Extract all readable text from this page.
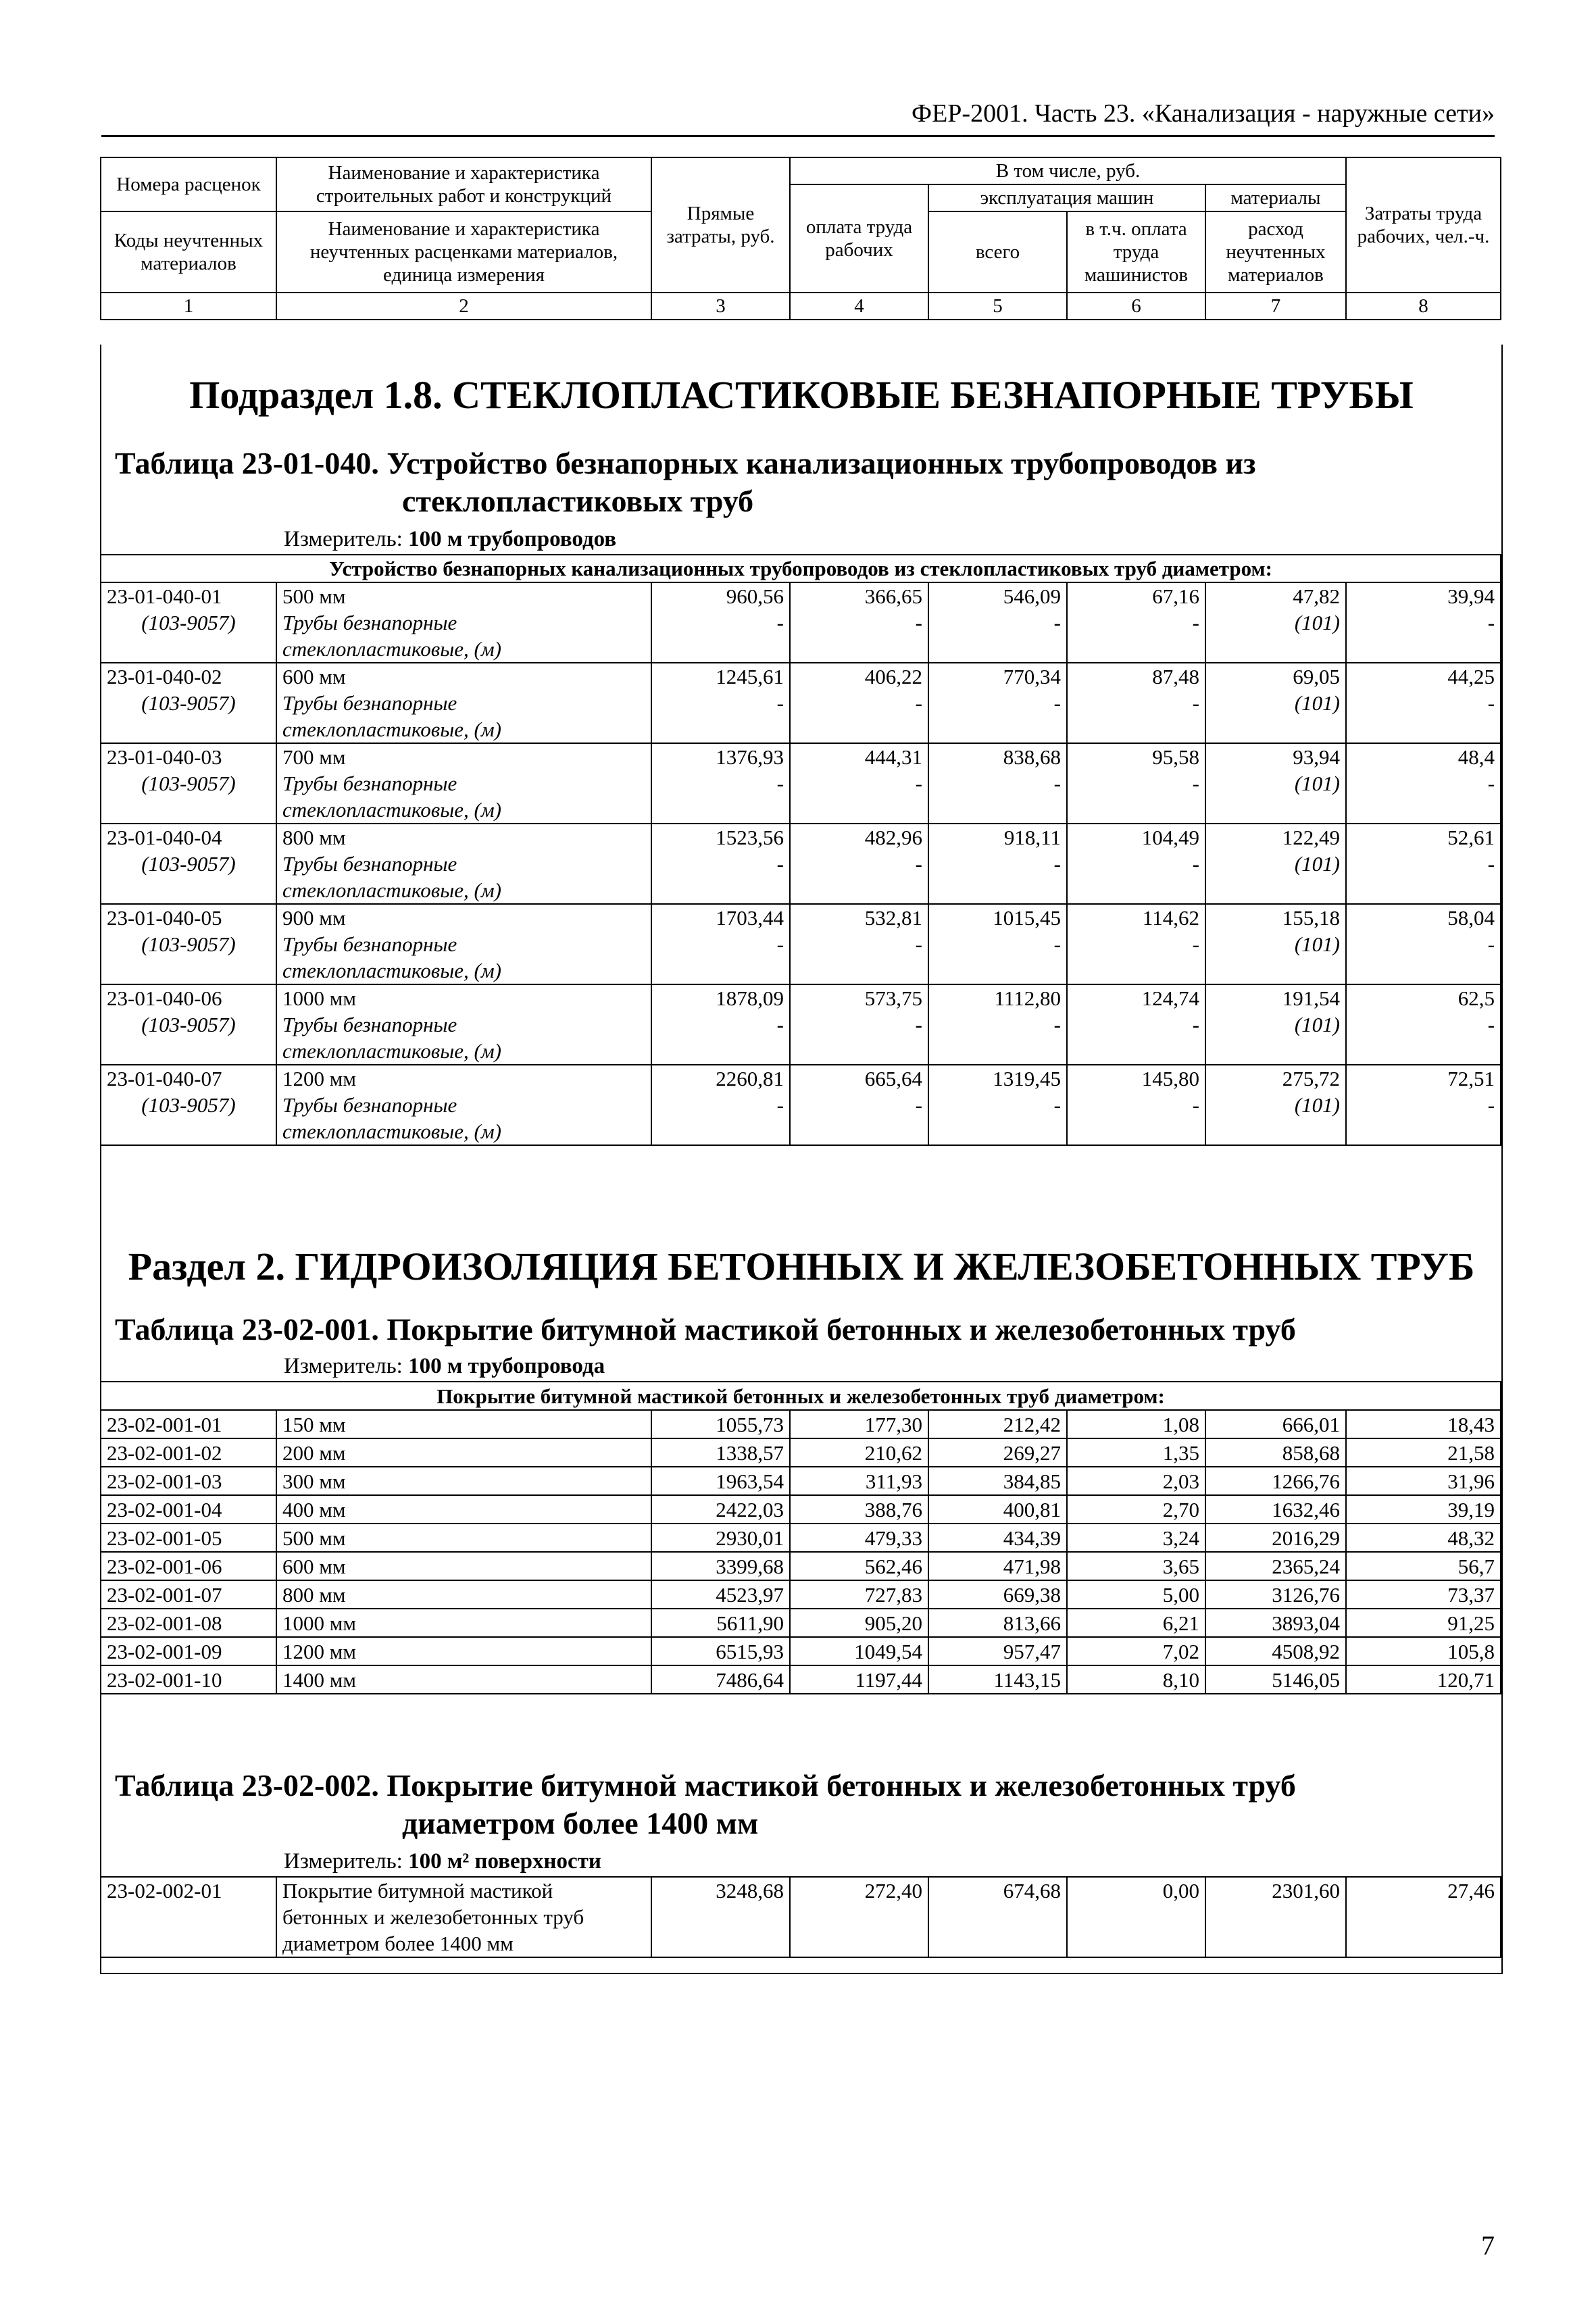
ФЕР-2001. Часть 23. «Канализация - наружные сети»
Номера расценок	Наименование и характеристика строительных работ и конструкций	Прямые затраты, руб.	В том числе, руб.				Затраты труда рабочих, чел.-ч.
			оплата труда рабочих	эксплуатация машин		материалы	
Коды неучтенных материалов	Наименование и характеристика неучтенных расценками материалов, единица измерения			всего	в т.ч. оплата труда машинистов	расход неучтенных материалов	

1	2	3	4	5	6	7	8
Подраздел 1.8. СТЕКЛОПЛАСТИКОВЫЕ БЕЗНАПОРНЫЕ ТРУБЫ
Таблица 23-01-040. Устройство безнапорных канализационных трубопроводов из
стеклопластиковых труб
Измеритель: 100 м трубопроводов
Устройство безнапорных канализационных трубопроводов из стеклопластиковых труб диаметром:							
23-01-040-01	500 мм	960,56	366,65	546,09	67,16	47,82	39,94
(103-9057)	Трубы безнапорные	-	-	-	-	(101)	-
	стеклопластиковые, (м)						
23-01-040-02	600 мм	1245,61	406,22	770,34	87,48	69,05	44,25
(103-9057)	Трубы безнапорные	-	-	-	-	(101)	-
	стеклопластиковые, (м)						
23-01-040-03	700 мм	1376,93	444,31	838,68	95,58	93,94	48,4
(103-9057)	Трубы безнапорные	-	-	-	-	(101)	-
	стеклопластиковые, (м)						
23-01-040-04	800 мм	1523,56	482,96	918,11	104,49	122,49	52,61
(103-9057)	Трубы безнапорные	-	-	-	-	(101)	-
	стеклопластиковые, (м)						
23-01-040-05	900 мм	1703,44	532,81	1015,45	114,62	155,18	58,04
(103-9057)	Трубы безнапорные	-	-	-	-	(101)	-
	стеклопластиковые, (м)						
23-01-040-06	1000 мм	1878,09	573,75	1112,80	124,74	191,54	62,5
(103-9057)	Трубы безнапорные	-	-	-	-	(101)	-
	стеклопластиковые, (м)						
23-01-040-07	1200 мм	2260,81	665,64	1319,45	145,80	275,72	72,51
(103-9057)	Трубы безнапорные	-	-	-	-	(101)	-
	стеклопластиковые, (м)						
Раздел 2. ГИДРОИЗОЛЯЦИЯ БЕТОННЫХ И ЖЕЛЕЗОБЕТОННЫХ ТРУБ
Таблица 23-02-001. Покрытие битумной мастикой бетонных и железобетонных труб
Измеритель: 100 м трубопровода
Покрытие битумной мастикой бетонных и железобетонных труб диаметром:							
23-02-001-01	150 мм	1055,73	177,30	212,42	1,08	666,01	18,43
23-02-001-02	200 мм	1338,57	210,62	269,27	1,35	858,68	21,58
23-02-001-03	300 мм	1963,54	311,93	384,85	2,03	1266,76	31,96
23-02-001-04	400 мм	2422,03	388,76	400,81	2,70	1632,46	39,19
23-02-001-05	500 мм	2930,01	479,33	434,39	3,24	2016,29	48,32
23-02-001-06	600 мм	3399,68	562,46	471,98	3,65	2365,24	56,7
23-02-001-07	800 мм	4523,97	727,83	669,38	5,00	3126,76	73,37
23-02-001-08	1000 мм	5611,90	905,20	813,66	6,21	3893,04	91,25
23-02-001-09	1200 мм	6515,93	1049,54	957,47	7,02	4508,92	105,8
23-02-001-10	1400 мм	7486,64	1197,44	1143,15	8,10	5146,05	120,71
Таблица 23-02-002. Покрытие битумной мастикой бетонных и железобетонных труб
диаметром более 1400 мм
Измеритель: 100 м² поверхности
23-02-002-01	Покрытие битумной мастикой	3248,68	272,40	674,68	0,00	2301,60	27,46
	бетонных и железобетонных труб						
	диаметром более 1400 мм						
7
